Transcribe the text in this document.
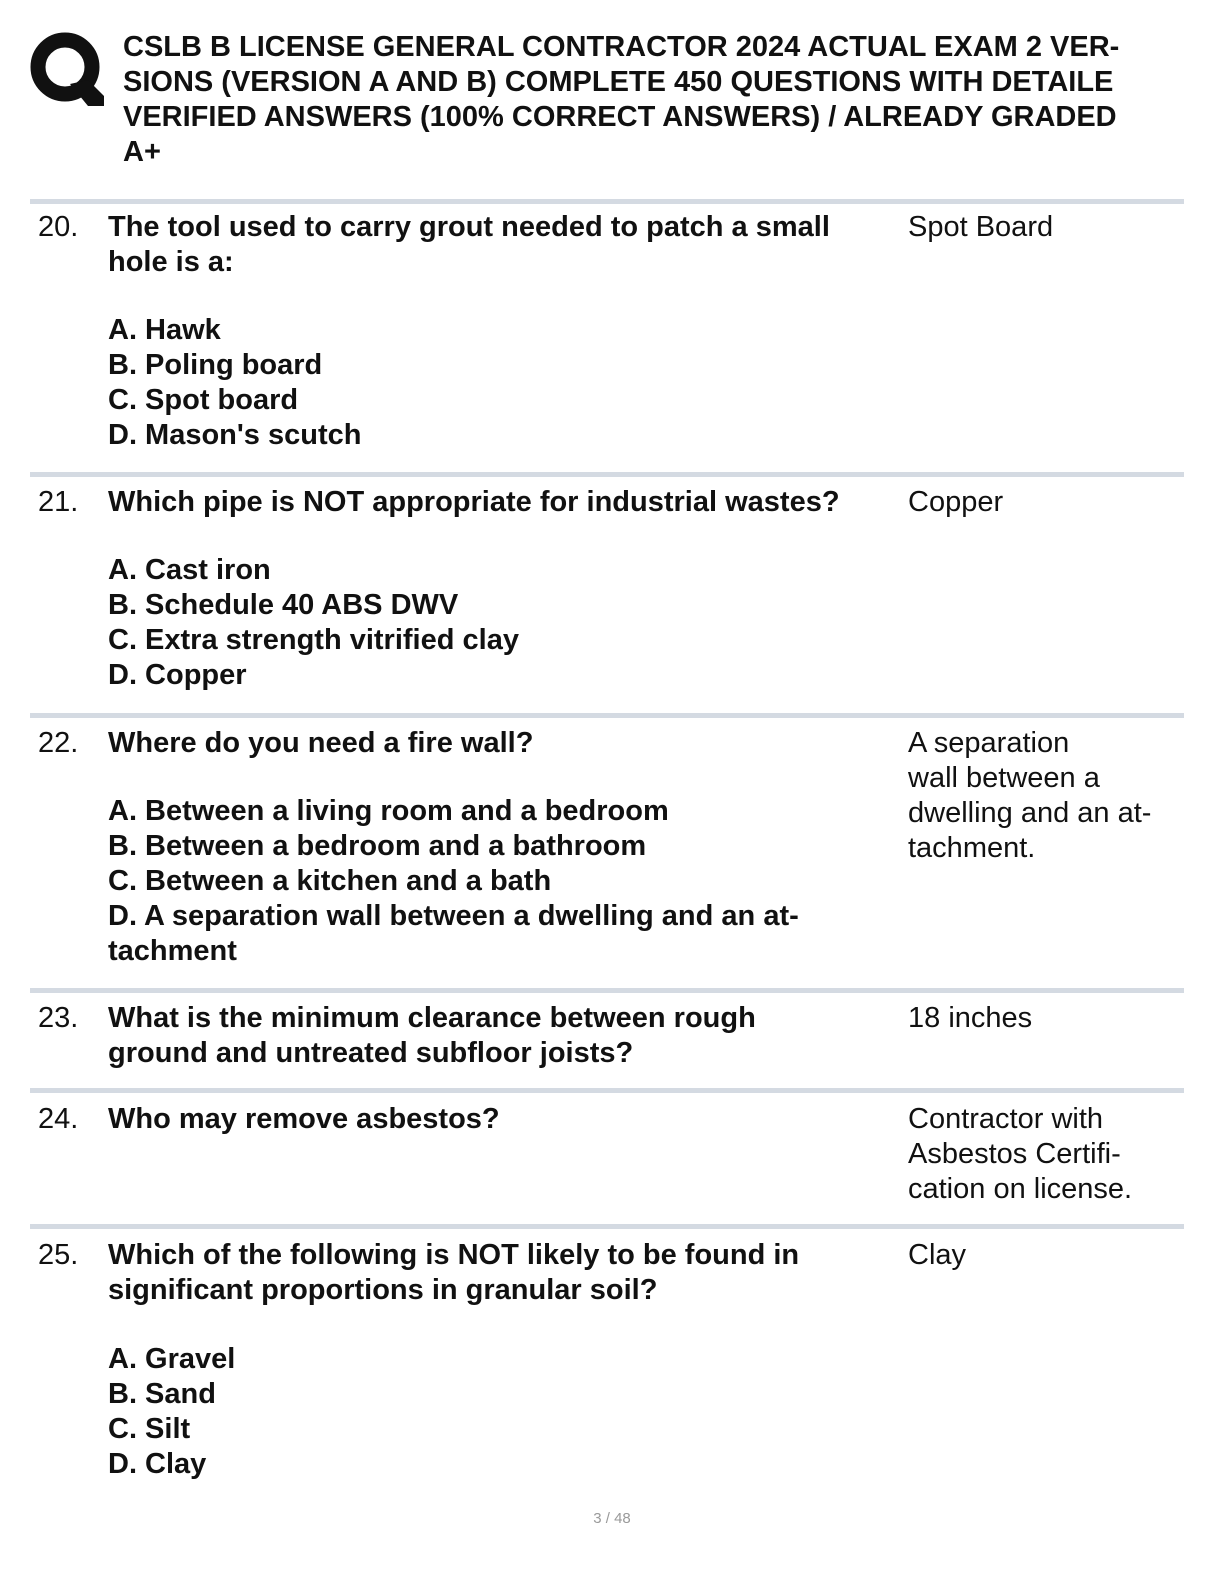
CSLB B LICENSE GENERAL CONTRACTOR 2024 ACTUAL EXAM 2 VER-
SIONS (VERSION A AND B) COMPLETE 450 QUESTIONS WITH DETAILE
VERIFIED ANSWERS (100% CORRECT ANSWERS) / ALREADY GRADED
A+
20. The tool used to carry grout needed to patch a small
hole is a:
A. Hawk
B. Poling board
C. Spot board
D. Mason's scutch
Spot Board
21. Which pipe is NOT appropriate for industrial wastes?
A. Cast iron
B. Schedule 40 ABS DWV
C. Extra strength vitrified clay
D. Copper
Copper
22. Where do you need a fire wall?
A. Between a living room and a bedroom
B. Between a bedroom and a bathroom
C. Between a kitchen and a bath
D. A separation wall between a dwelling and an at-
tachment
A separation
wall between a
dwelling and an at-
tachment.
23. What is the minimum clearance between rough
ground and untreated subfloor joists?
18 inches
24. Who may remove asbestos?	Contractor with
Asbestos Certifi-
cation on license.
25. Which of the following is NOT likely to be found in
significant proportions in granular soil?
A. Gravel
B. Sand
C. Silt
D. Clay
Clay
3 / 48
